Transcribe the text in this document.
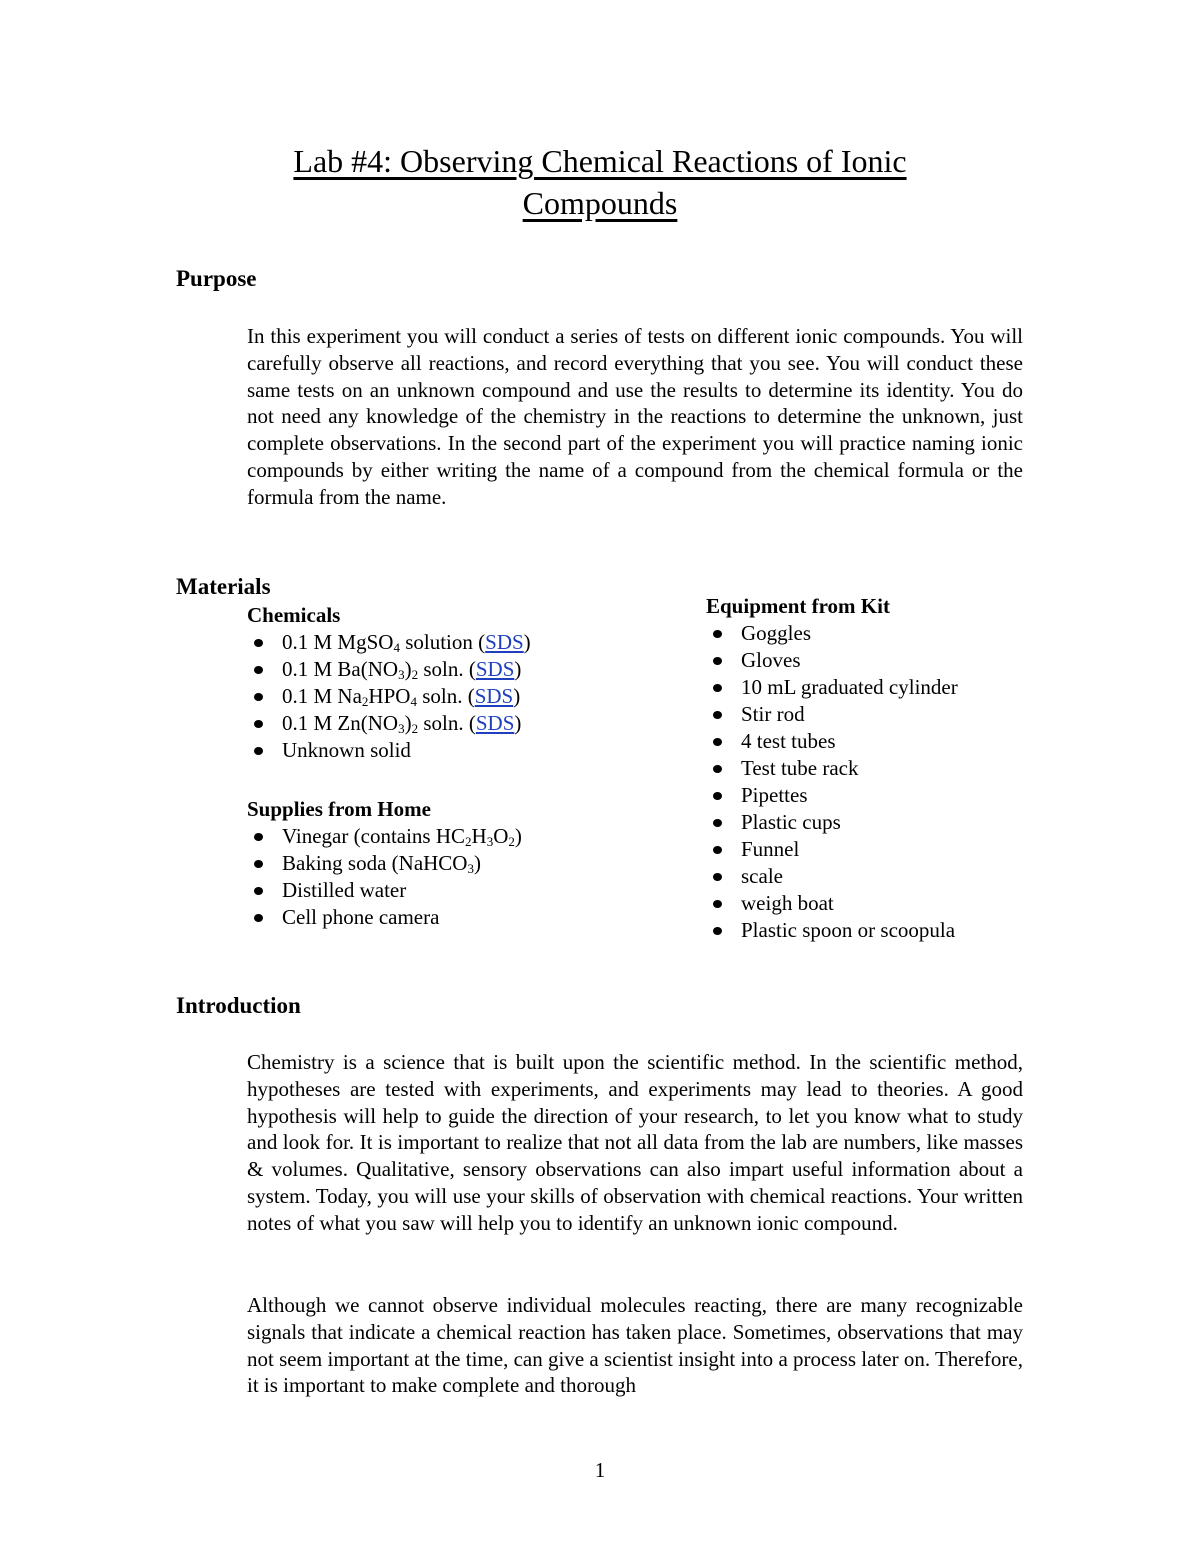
Lab #4: Observing Chemical Reactions of Ionic
Compounds
Purpose

In this experiment you will conduct a series of tests on different ionic compounds. You will carefully observe all reactions, and record everything that you see. You will conduct these same tests on an unknown compound and use the results to determine its identity. You do not need any knowledge of the chemistry in the reactions to determine the unknown, just complete observations. In the second part of the experiment you will practice naming ionic compounds by either writing the name of a compound from the chemical formula or the formula from the name.

Materials
Chemicals
0.1 M MgSO$_4$ solution (SDS)
0.1 M $Ba(NO_3)_2$ soln. (SDS)
0.1 M $Na_2HPO_4$ soln. (SDS)
0.1 M $Zn(NO_3)_2$ soln. (SDS)
Unknown solid
Supplies from Home
Vinegar (contains $HC_2H_3O_2$)
Baking soda (NaHCO$_3$)
Distilled water
Cell phone camera
Equipment from Kit
Goggles
Gloves
10 mL graduated cylinder
Stir rod
4 test tubes
Test tube rack
Pipettes
Plastic cups
Funnel
scale
weigh boat
Plastic spoon or scoopula
Introduction

Chemistry is a science that is built upon the scientific method. In the scientific method, hypotheses are tested with experiments, and experiments may lead to theories. A good hypothesis will help to guide the direction of your research, to let you know what to study and look for. It is important to realize that not all data from the lab are numbers, like masses & volumes. Qualitative, sensory observations can also impart useful information about a system. Today, you will use your skills of observation with chemical reactions. Your written notes of what you saw will help you to identify an unknown ionic compound.

Although we cannot observe individual molecules reacting, there are many recognizable signals that indicate a chemical reaction has taken place. Sometimes, observations that may not seem important at the time, can give a scientist insight into a process later on. Therefore, it is important to make complete and thorough

1
